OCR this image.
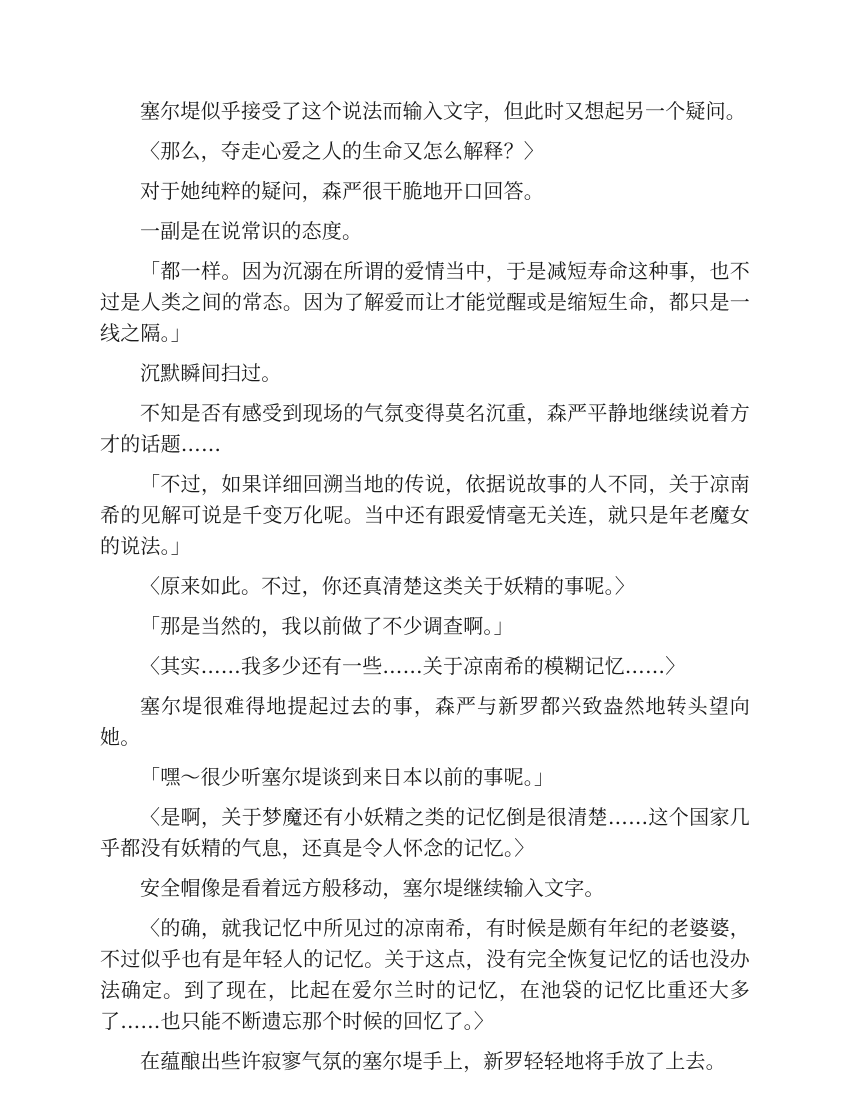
塞尔堤似乎接受了这个说法而输入文字，但此时又想起另一个疑问。

〈那么，夺走心爱之人的生命又怎么解释？〉

对于她纯粹的疑问，森严很干脆地开口回答。

一副是在说常识的态度。

「都一样。因为沉溺在所谓的爱情当中，于是减短寿命这种事，也不过是人类之间的常态。因为了解爱而让才能觉醒或是缩短生命，都只是一线之隔。」

沉默瞬间扫过。

不知是否有感受到现场的气氛变得莫名沉重，森严平静地继续说着方才的话题……

「不过，如果详细回溯当地的传说，依据说故事的人不同，关于凉南希的见解可说是千变万化呢。当中还有跟爱情毫无关连，就只是年老魔女的说法。」

〈原来如此。不过，你还真清楚这类关于妖精的事呢。〉

「那是当然的，我以前做了不少调查啊。」

〈其实……我多少还有一些……关于凉南希的模糊记忆……〉

塞尔堤很难得地提起过去的事，森严与新罗都兴致盎然地转头望向她。

「嘿～很少听塞尔堤谈到来日本以前的事呢。」

〈是啊，关于梦魔还有小妖精之类的记忆倒是很清楚……这个国家几乎都没有妖精的气息，还真是令人怀念的记忆。〉

安全帽像是看着远方般移动，塞尔堤继续输入文字。

〈的确，就我记忆中所见过的凉南希，有时候是颇有年纪的老婆婆，不过似乎也有是年轻人的记忆。关于这点，没有完全恢复记忆的话也没办法确定。到了现在，比起在爱尔兰时的记忆，在池袋的记忆比重还大多了……也只能不断遗忘那个时候的回忆了。〉

在蕴酿出些许寂寥气氛的塞尔堤手上，新罗轻轻地将手放了上去。
